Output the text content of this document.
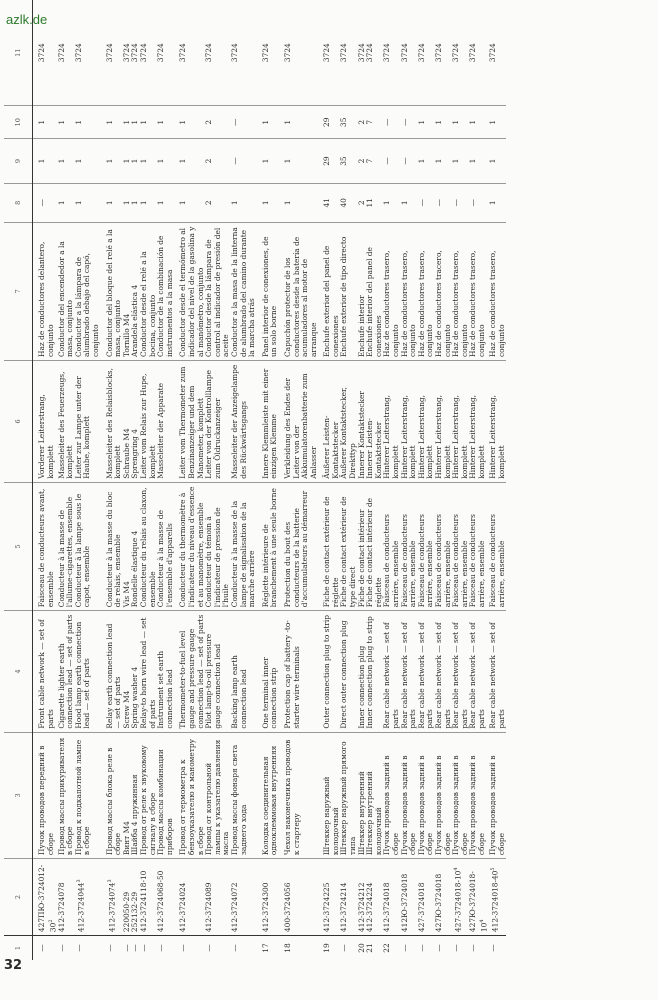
azlk.de
32
1	2	3	4	5	6	7	8	9	10	11
—	$427ПЮ-3724012-30^2$	Пучок проводов передний в сборе	Front cable network — set of parts	Faisceau de conducteurs avant, ensemble	Vorderer Leiterstrang, komplett	Haz de conductores delantero, conjunto	—	1	1	3724
—	412-3724078	Провод массы прикуривателя в сборе	Cigarette lighter earth connection lead — set of parts	Conducteur à la masse de l'allume-cigarettes, ensemble	Masseleiter des Feuerzeugs, komplett	Conductor del encendedor a la masa, conjunto	1	1	1	3724
—	412-3724044$^3$	Провод к подкапотной лампе в сборе	Hood lamp earth connection lead — set of parts	Conducteur à la lampe sous le capot, ensemble	Leiter zur Lampe unter der Haube, komplett	Conductor a la lámpara de alumbrado debajo del capó, conjunto	1	1	1	3724
—	412-3724074$^3$	Провод массы блока реле в сборе	Relay earth connection lead — set of parts	Conducteur à la masse du bloc de relais, ensemble	Masseleiter des Relaisblocks, komplett	Conductor del bloque del relé a la masa, conjunto	1	1	1	3724
—	220050-29	Винт М4	Screw M4	Vis M4	Schraube M4	Tornillo M4	1	1	1	3724
—	252132-29	Шайба 4 пружинная	Spring washer 4	Rondelle élastique 4	Sprengring 4	Arandela elástica 4	1	1	1	3724
—	412-3724118-10	Провод от реле к звуковому сигналу в сборе	Relay-to horn wire lead — set of parts	Conducteur du relais au claxon, ensemble	Leiter vom Relais zur Hupe, komplett	Conductor desde el relé a la bocina, conjunto	1	1	1	3724
—	412-3724068-50	Провод массы комбинации приборов	Instrument set earth connection lead	Conducteur à la masse de l'ensemble d'apparells	Masseleiter der Apparate	Conductor de la combinación de instrumentos a la masa	1	1	1	3724
—	412-3724024	Провод от термометра к бензоуказателю и манометру в сборе	Thermometer-to-fuel level gauge and pressure gauge connection lead — set of parts	Conducteur du thermomètre à l'indicateur du niveau d'essence et au manomètre, ensemble	Leiter vom Thermometer zum Benzinanzeiger und dem Manometer, komplett	Conductor desde el termómetro al indicador del nivel de la gasolina y al manómetro, conjunto	1	1	1	3724
—	412-3724089	Провод от контрольной лампы к указателю давления масла	Pilot lamp-to-oil pressure gauge connection lead	Conducteur du témoin à l'indicateur de pression de l'huile	Leiter von der Kontrolllampe zum Öldruckanzeiger	Conductor desde la lámpara de control al indicador de presión del aceite	2	2	2	3724
—	412-3724072	Провод массы фонаря света заднего хода	Backing lamp earth connection lead	Conducteur à la masse de la lampe de signalisation de la marche arrière	Masseleiter der Anzeigelampe des Rückwärtsgangs	Conductor a la masa de la linterna de alumbrado del camino durante la marcha atrás	1	—	—	3724
17	412-3724300	Колодка соединительная одноклеммовая внутренняя	One terminal inner connection strip	Réglette intérieure de branchement à une seule borne	Innere Klemmleiste mit einer einzigen Klemme	Panel interior de conexiones, de un solo borne	1	1	1	3724
18	400-3724056	Чехол наконечника проводов к стартеру	Protection cap of battery -to-starter wire terminals	Protection du bout des conducteurs de la batterie d'accumulateurs au démarreur	Verkleidung des Endes der Leiter von der Akkumulatorenbatterie zum Anlasser	Capuchón protector de los conductores desde la batería de acumuladores al motor de arranque	1	1	1	3724
19	412-3724225	Штеккер наружный колодочный	Outer connection plug to strip	Fiche de contact extérieur de réglette	Äußerer Leisten-Kontaktstecker	Enchufe exterior del panel de conexiones	41	29	29	3724
—	412-3724214	Штеккер наружный прямого типа	Direct outer connection plug	Fiche de contact extérieur de type direct	Äußerer Kontaktstecker, Direkttyp	Enchufe exterior de tipo directo	40	35	35	3724
20	412-3724212	Штеккер внутренний	Inner connection plug	Fiche de contact intérieur	Innerer Kontaktstecker	Enchufe interior	2	2	2	3724
21	412-3724224	Штеккер внутренний колодочный	Inner connection plug to strip	Fiche de contact intérieur de réglette	Innerer Leisten-Kontaktstecker	Enchufe interior del panel de conexiones	11	7	7	3724
22	412-3724018	Пучок проводов задний в сборе	Rear cable network — set of parts	Faisceau de conducteurs arrière, ensemble	Hinterer Leiterstrang, komplett	Haz de conductores trasero, conjunto	1	—	—	3724
—	412Ю-3724018	Пучок проводов задний в сборе	Rear cable network — set of parts	Faisceau de conducteurs arrière, ensemble	Hinterer Leiterstrang, komplett	Haz de conductores trasero, conjunto	1	—	—	3724
—	427-3724018	Пучок проводов задний в сборе	Rear cable network — set of parts	Faisceau de conducteurs arrière, ensemble	Hinterer Leiterstrang, komplett	Haz de conductores trasero, conjunto	—	1	1	3724
—	427Ю-3724018	Пучок проводов задний в сборе	Rear cable network — set of parts	Faisceau de conducteurs arrière, ensemble	Hinterer Leiterstrang, komplett	Haz de conductores trасero, conjunto	—	1	1	3724
—	$427-3724018-10^4$	Пучок проводов задний в сборе	Rear cable network — set of parts	Faisceau de conducteurs arrière, ensemble	Hinterer Leiterstrang, komplett	Haz de conductores trasero, conjunto	—	1	1	3724
—	$427Ю-3724018-10^4$	Пучок проводов задний в сборе	Rear cable network — set of parts	Faisceau de conducteurs arrière, ensemble	Hinterer Leiterstrang, komplett	Haz de conductores trasero, conjunto	—	1	1	3724
—	$412-3724018-40^5$	Пучок проводов задний в сборе	Rear cable network — set of parts	Faisceau de conducteurs arrière, ensemble	Hinterer Leiterstrang, komplett	Haz de conductores trasero, conjunto	1	1	1	3724
